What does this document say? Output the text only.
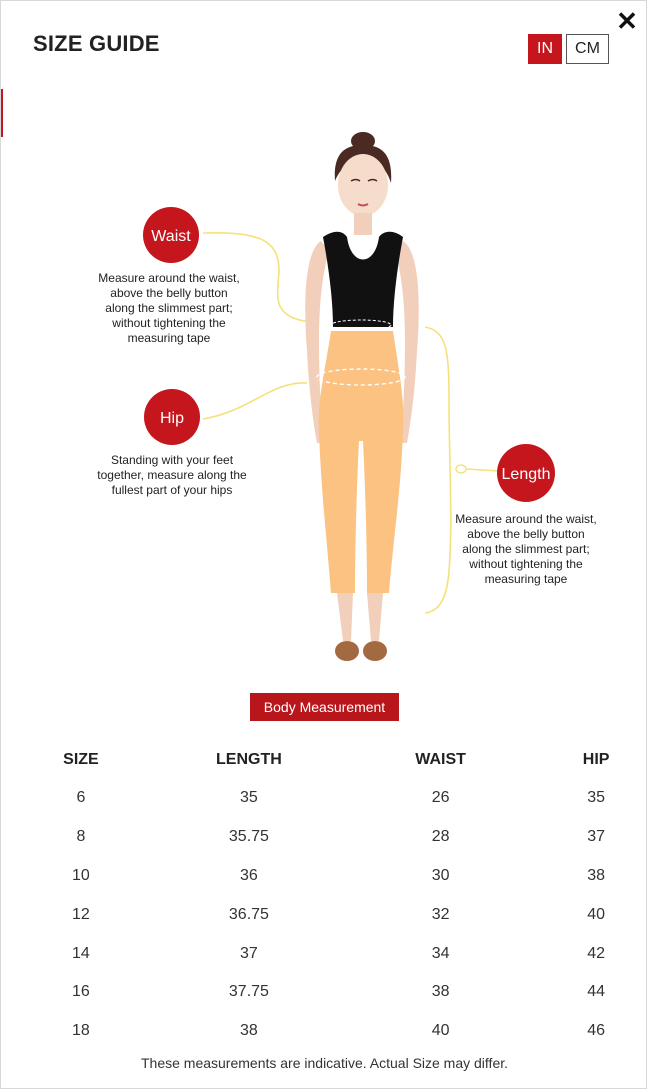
SIZE GUIDE	IN	CM
✕
Waist
Measure around the waist,
above the belly button
along the slimmest part;
without tightening the
measuring tape
Hip
Standing with your feet
together, measure along the
fullest part of your hips
Length
Measure around the waist,
above the belly button
along the slimmest part;
without tightening the
measuring tape
Body Measurement
SIZE	LENGTH	WAIST	HIP
6	35	26	35
8	35.75	28	37
10	36	30	38
12	36.75	32	40
14	37	34	42
16	37.75	38	44
18	38	40	46
These measurements are indicative. Actual Size may differ.
